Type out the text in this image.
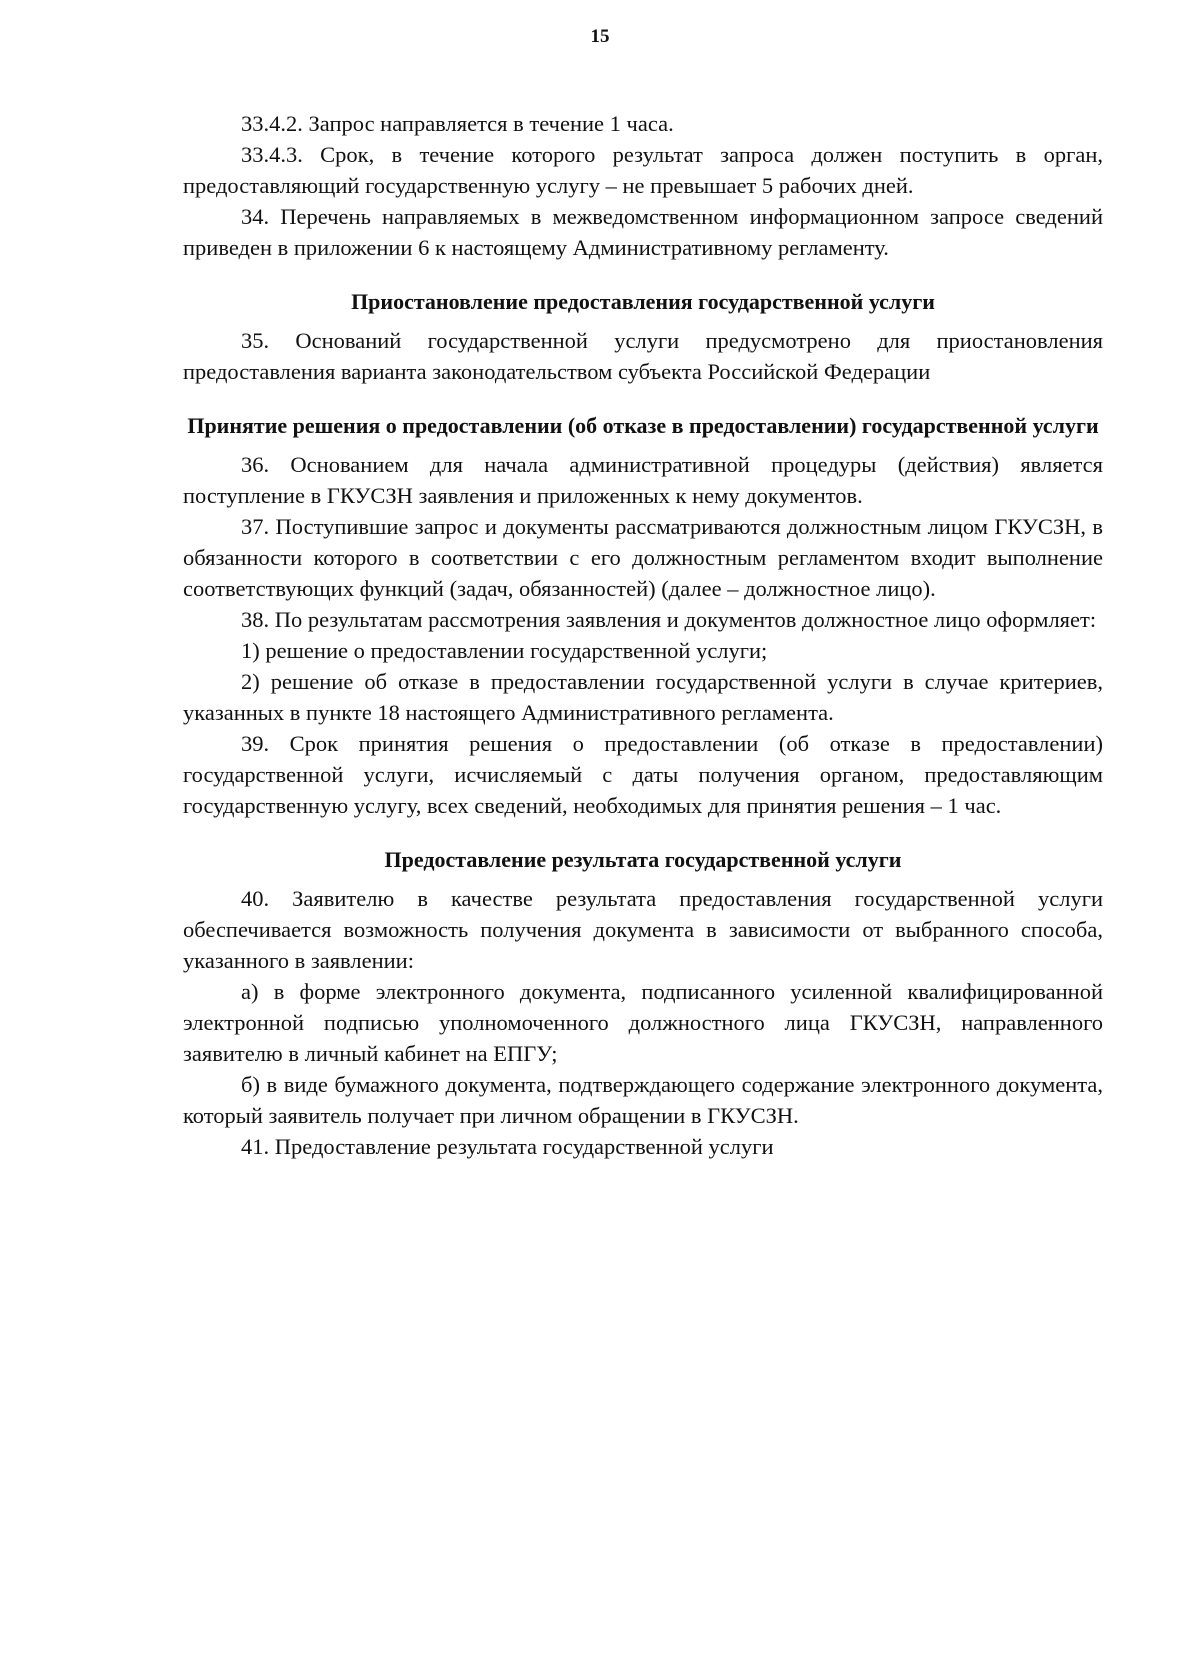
15

33.4.2. Запрос направляется в течение 1 часа.

33.4.3. Срок, в течение которого результат запроса должен поступить в орган, предоставляющий государственную услугу – не превышает 5 рабочих дней.

34. Перечень направляемых в межведомственном информационном запросе сведений приведен в приложении 6 к настоящему Административному регламенту.

Приостановление предоставления государственной услуги

35. Оснований государственной услуги предусмотрено для приостановления предоставления варианта законодательством субъекта Российской Федерации

Принятие решения о предоставлении (об отказе в предоставлении) государственной услуги

36. Основанием для начала административной процедуры (действия) является поступление в ГКУСЗН заявления и приложенных к нему документов.

37. Поступившие запрос и документы рассматриваются должностным лицом ГКУСЗН, в обязанности которого в соответствии с его должностным регламентом входит выполнение соответствующих функций (задач, обязанностей) (далее – должностное лицо).

38. По результатам рассмотрения заявления и документов должностное лицо оформляет:

1) решение о предоставлении государственной услуги;

2) решение об отказе в предоставлении государственной услуги в случае критериев, указанных в пункте 18 настоящего Административного регламента.

39. Срок принятия решения о предоставлении (об отказе в предоставлении) государственной услуги, исчисляемый с даты получения органом, предоставляющим государственную услугу, всех сведений, необходимых для принятия решения – 1 час.

Предоставление результата государственной услуги

40. Заявителю в качестве результата предоставления государственной услуги обеспечивается возможность получения документа в зависимости от выбранного способа, указанного в заявлении:

а) в форме электронного документа, подписанного усиленной квалифицированной электронной подписью уполномоченного должностного лица ГКУСЗН, направленного заявителю в личный кабинет на ЕПГУ;

б) в виде бумажного документа, подтверждающего содержание электронного документа, который заявитель получает при личном обращении в ГКУСЗН.

41. Предоставление результата государственной услуги
